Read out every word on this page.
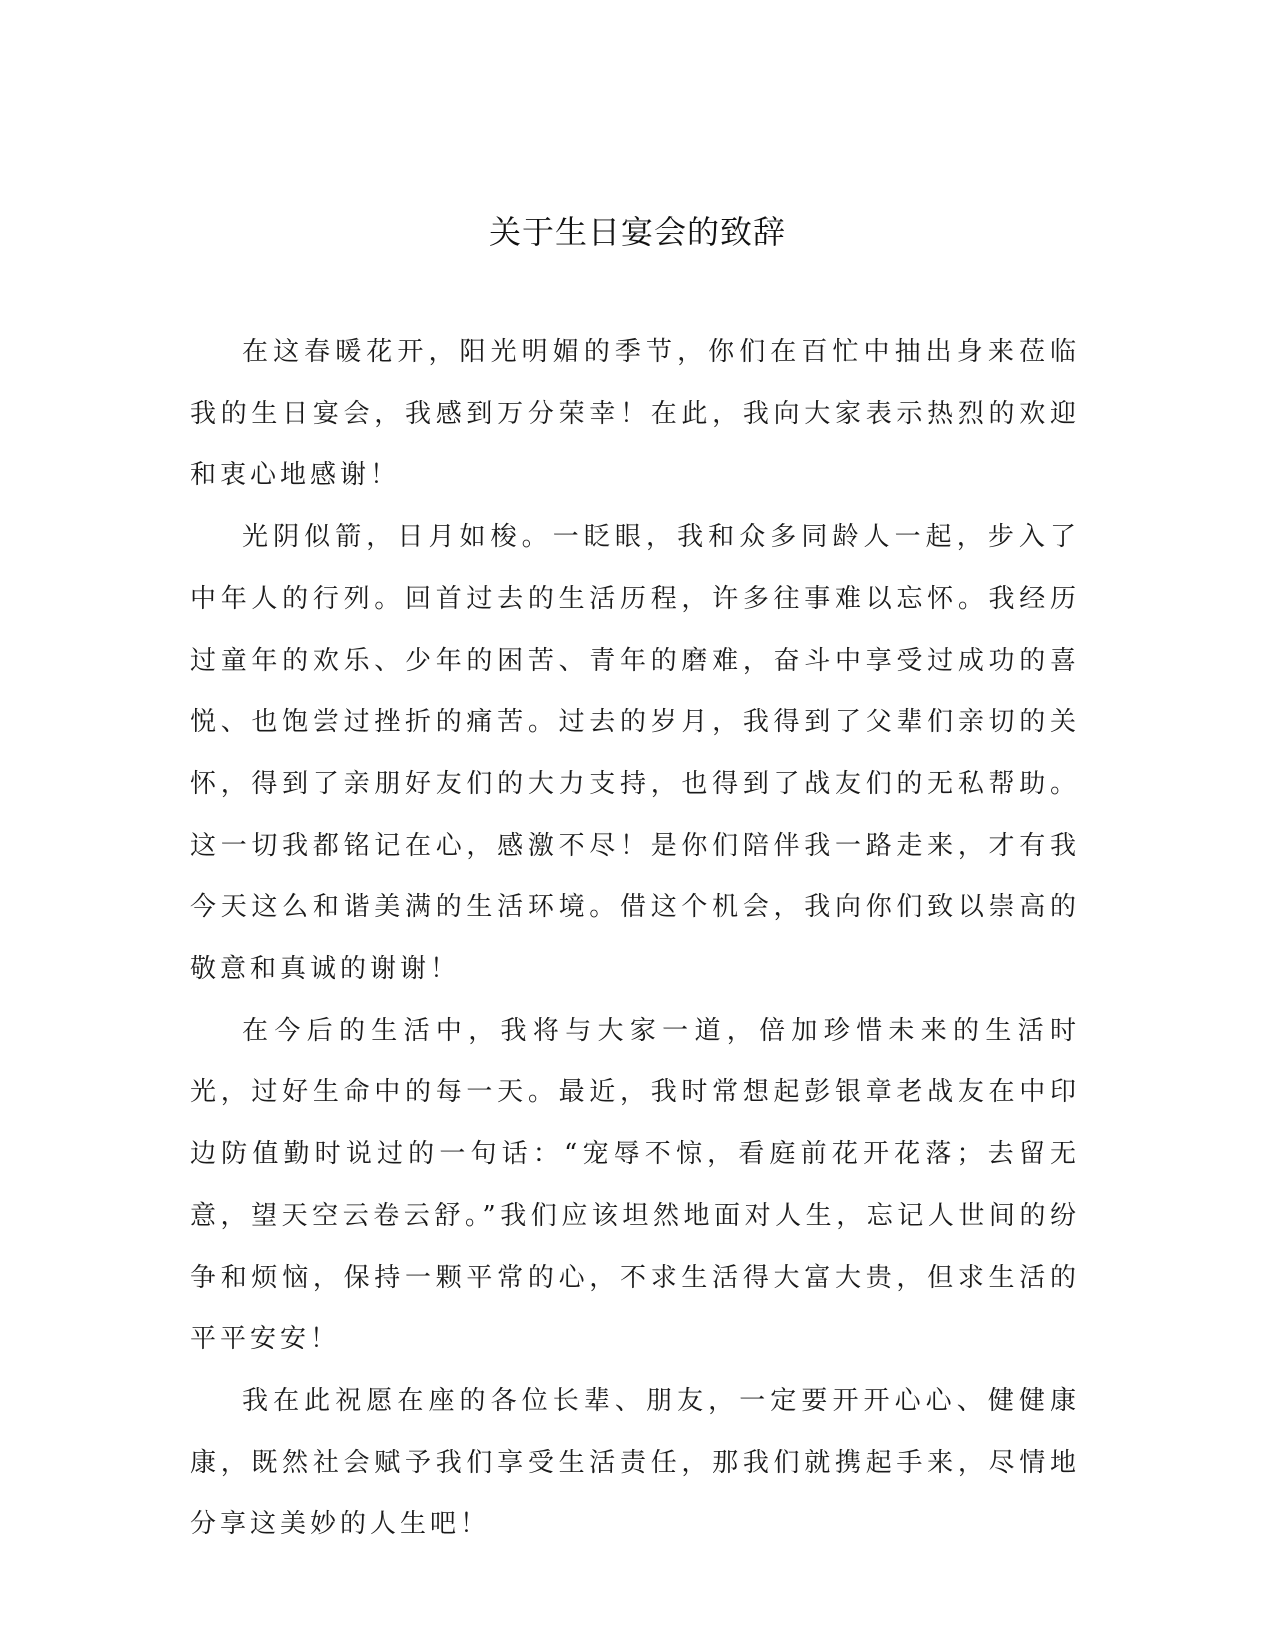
关于生日宴会的致辞

在这春暖花开，阳光明媚的季节，你们在百忙中抽出身来莅临我的生日宴会，我感到万分荣幸！在此，我向大家表示热烈的欢迎和衷心地感谢！

光阴似箭，日月如梭。一眨眼，我和众多同龄人一起，步入了中年人的行列。回首过去的生活历程，许多往事难以忘怀。我经历过童年的欢乐、少年的困苦、青年的磨难，奋斗中享受过成功的喜悦、也饱尝过挫折的痛苦。过去的岁月，我得到了父辈们亲切的关怀，得到了亲朋好友们的大力支持，也得到了战友们的无私帮助。这一切我都铭记在心，感激不尽！是你们陪伴我一路走来，才有我今天这么和谐美满的生活环境。借这个机会，我向你们致以崇高的敬意和真诚的谢谢！

在今后的生活中，我将与大家一道，倍加珍惜未来的生活时光，过好生命中的每一天。最近，我时常想起彭银章老战友在中印边防值勤时说过的一句话：“宠辱不惊，看庭前花开花落；去留无意，望天空云卷云舒。”我们应该坦然地面对人生，忘记人世间的纷争和烦恼，保持一颗平常的心，不求生活得大富大贵，但求生活的平平安安！

我在此祝愿在座的各位长辈、朋友，一定要开开心心、健健康康，既然社会赋予我们享受生活责任，那我们就携起手来，尽情地分享这美妙的人生吧！
